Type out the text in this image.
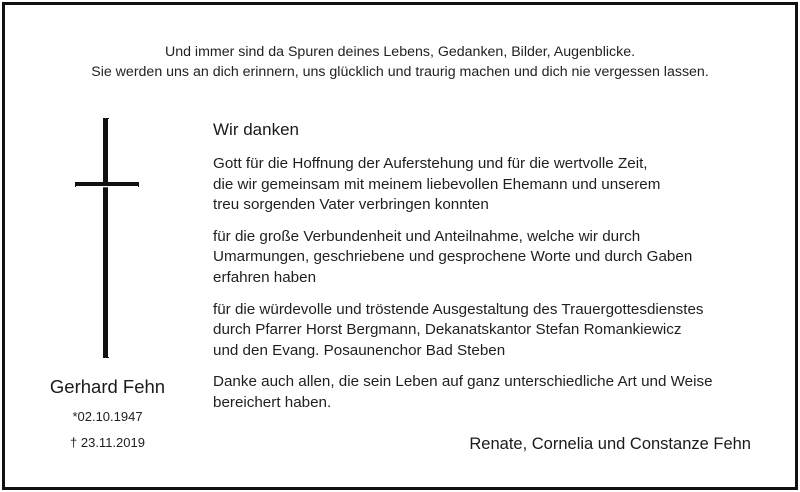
Und immer sind da Spuren deines Lebens, Gedanken, Bilder, Augenblicke.
Sie werden uns an dich erinnern, uns glücklich und traurig machen und dich nie vergessen lassen.
Gerhard Fehn
*02.10.1947
† 23.11.2019
Wir danken
Gott für die Hoffnung der Auferstehung und für die wertvolle Zeit,
die wir gemeinsam mit meinem liebevollen Ehemann und unserem
treu sorgenden Vater verbringen konnten
für die große Verbundenheit und Anteilnahme, welche wir durch
Umarmungen, geschriebene und gesprochene Worte und durch Gaben
erfahren haben
für die würdevolle und tröstende Ausgestaltung des Trauergottesdienstes
durch Pfarrer Horst Bergmann, Dekanatskantor Stefan Romankiewicz
und den Evang. Posaunenchor Bad Steben
Danke auch allen, die sein Leben auf ganz unterschiedliche Art und Weise
bereichert haben.
Renate, Cornelia und Constanze Fehn
